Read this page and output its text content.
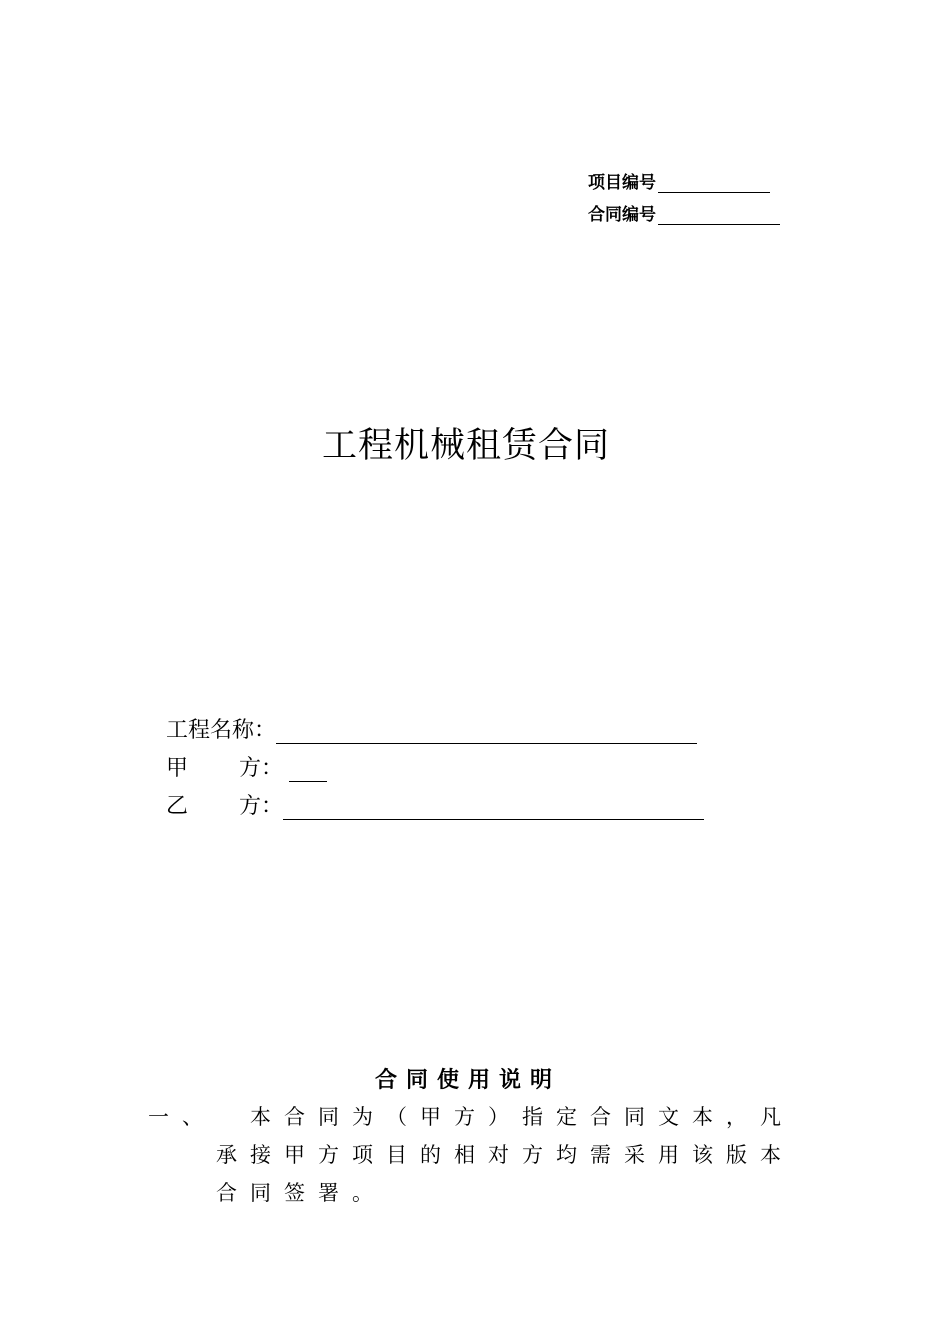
项目编号
合同编号
工程机械租赁合同
工程名称：
甲 方：
乙 方：
合同使用说明
一、 本合同为（甲方）指定合同文本，凡
承接甲方项目的相对方均需采用该版本
合同签署。
